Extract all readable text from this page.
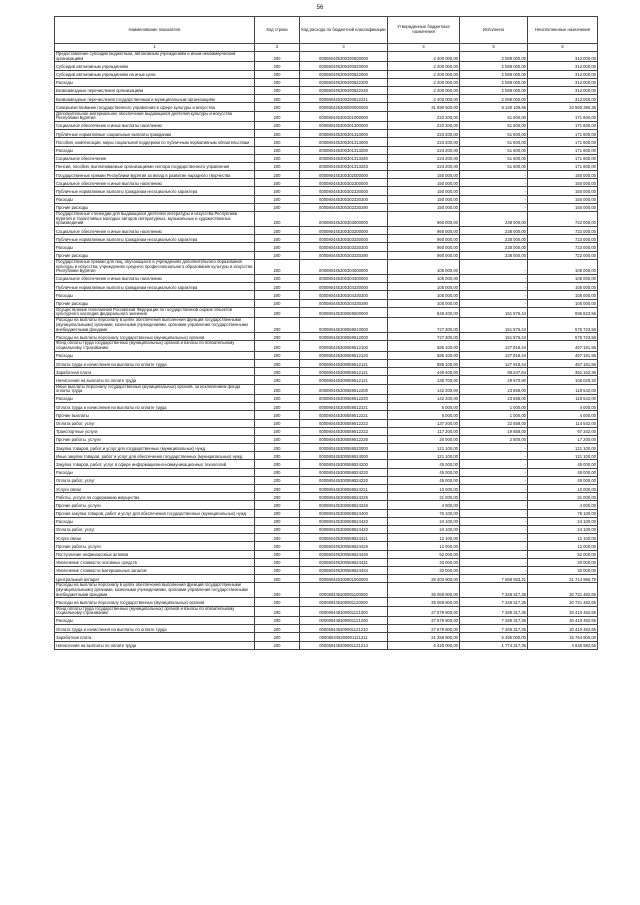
56
Наименование показателя	Код строки	Код расхода по бюджетной классификации	Утвержденные бюджетные назначения	Исполнено	Неисполненные назначения
1	2	3	4	5	6
Предоставление субсидий бюджетным, автономным учреждениям и иным некоммерческим организациям	200	000080445300200600000	2 400 000,00	2 088 000,00	312 000,00
Субсидии автономным учреждениям	200	000080445300200620000	2 400 000,00	2 088 000,00	312 000,00
Субсидии автономным учреждениям на иные цели	200	000080445300200622000	2 400 000,00	2 088 000,00	312 000,00
Расходы	200	000080445300200622200	2 400 000,00	2 088 000,00	312 000,00
Безвозмездные перечисления организациям	200	000080445300200622240	2 400 000,00	2 088 000,00	312 000,00
Безвозмездные перечисления государственным и муниципальным организациям	200	000080445300200622241	2 400 000,00	2 088 000,00	312 000,00
Совершенствование государственного управления в сфере культуры и искусства	200	000080445300000000000	31 690 500,00	8 130 109,65	23 560 390,35
Дополнительное материальное обеспечение выдающихся деятелей культуры и искусства Республики Бурятия	200	000080445300301000000	223 200,00	51 600,00	171 600,00
Социальное обеспечение и иные выплаты населению	200	000080445300301300000	223 200,00	51 600,00	171 600,00
Публичные нормативные социальные выплаты гражданам	200	000080445300301310000	223 200,00	51 600,00	171 600,00
Пособия, компенсации, меры социальной поддержки по публичным нормативным обязательствам	200	000080445300301313000	223 200,00	51 600,00	171 600,00
Расходы	200	000080445300301313200	223 200,00	51 600,00	171 600,00
Социальное обеспечение	200	000080445300301313260	223 200,00	51 600,00	171 600,00
Пенсии, пособия, выплачиваемые организациями сектора государственного управления	200	000080445300301313263	223 200,00	51 600,00	171 600,00
Государственные премии Республики Бурятия за вклад в развитие народного творчества	200	000080445300302000000	150 000,00	-	150 000,00
Социальное обеспечение и иные выплаты населению	200	000080445300302300000	150 000,00	-	150 000,00
Публичные нормативные выплаты гражданам несоциального характера	200	000080445300302330000	150 000,00	-	150 000,00
Расходы	200	000080445300302330200	150 000,00	-	150 000,00
Прочие расходы	200	000080445300302330290	150 000,00	-	150 000,00
Государственные стипендии для выдающихся деятелей литературы и искусства Республики Бурятия и талантливых молодых авторов литературных, музыкальных и художественных произведений	200	000080445300303000000	960 000,00	238 000,00	722 000,00
Социальное обеспечение и иные выплаты населению	200	000080445300303300000	960 000,00	238 000,00	722 000,00
Публичные нормативные выплаты гражданам несоциального характера	200	000080445300303330000	960 000,00	238 000,00	722 000,00
Расходы	200	000080445300303330200	960 000,00	238 000,00	722 000,00
Прочие расходы	200	000080445300303330290	960 000,00	238 000,00	722 000,00
Государственные премии для лиц, обучающихся в учреждениях дополнительного образования культуры и искусства, учреждениях среднего профессионального образования культуры и искусства Республики Бурятия	200	000080445300304000000	105 000,00	-	105 000,00
Социальное обеспечение и иные выплаты населению	200	000080445300304300000	105 000,00	-	105 000,00
Публичные нормативные выплаты гражданам несоциального характера	200	000080445300304330000	105 000,00	-	105 000,00
Расходы	200	000080445300304330200	105 000,00	-	105 000,00
Прочие расходы	200	000080445300304330290	105 000,00	-	105 000,00
Осуществление полномочий Российской Федерации по государственной охране объектов культурного наследия федерального значения	200	000080445300559500000	848 400,00	151 576,44	696 823,56
Расходы на выплаты персоналу в целях обеспечения выполнения функций государственными (муниципальными) органами, казенными учреждениями, органами управления государственными внебюджетными фондами	200	000080445300559510000	727 300,00	151 576,44	575 723,56
Расходы на выплаты персоналу государственных (муниципальных) органов	200	000080445300559512000	727 300,00	151 576,44	575 723,56
Фонд оплаты труда государственных (муниципальных) органов и взносы по обязательному социальному страхованию	200	000080445300559512100	585 100,00	127 918,44	457 181,56
Расходы	200	000080445300559512120	585 100,00	127 918,44	457 181,56
Оплата труда и начисления на выплаты по оплате труда	200	000080445300559512121	585 100,00	127 918,44	457 181,56
Заработная плата	200	000080445300559512121	449 400,00	98 247,64	351 152,36
Начисления на выплаты по оплате труда	200	000080445300559512121	135 700,00	29 670,80	106 029,20
Иные выплаты персоналу государственных (муниципальных) органов, за исключением фонда оплаты труда	200	000080445300559512200	142 200,00	23 658,00	118 542,00
Расходы	200	000080445300559512220	142 200,00	23 658,00	118 542,00
Оплата труда и начисления на выплаты по оплате труда	200	000080445300559512221	5 000,00	1 000,00	4 000,00
Прочие выплаты	200	000080445300559512221	5 000,00	1 000,00	4 000,00
Оплата работ, услуг	200	000080445300559512222	137 200,00	22 658,00	114 542,00
Транспортные услуги	200	000080445300559512222	117 200,00	19 858,00	97 342,00
Прочие работы, услуги	200	000080445300559512226	20 000,00	2 800,00	17 200,00
Закупка товаров, работ и услуг для государственных (муниципальных) нужд	200	000080445300559520000	121 100,00	-	121 100,00
Иные закупки товаров, работ и услуг для обеспечения государственных (муниципальных) нужд	200	000080445300559524000	121 100,00	-	121 100,00
Закупка товаров, работ, услуг в сфере информационно-коммуникационных технологий	200	000080445300559524200	45 000,00	-	45 000,00
Расходы	200	000080445300559524220	45 000,00	-	45 000,00
Оплата работ, услуг	200	000080445300559524220	45 000,00	-	45 000,00
Услуги связи	200	000080445300559524221	10 000,00	-	10 000,00
Работы, услуги по содержанию имущества	200	000080445300559524225	31 000,00	-	31 000,00
Прочие работы, услуги	200	000080445300559524226	4 000,00	-	4 000,00
Прочая закупка товаров, работ и услуг для обеспечения государственных (муниципальных) нужд	200	000080445300559524400	76 100,00	-	76 100,00
Расходы	200	000080445300559524420	24 100,00	-	24 100,00
Оплата работ, услуг	200	000080445300559524420	24 100,00	-	24 100,00
Услуги связи	200	000080445300559524421	12 100,00	-	12 100,00
Прочие работы, услуги	200	000080445300559524426	12 000,00	-	12 000,00
Поступление нефинансовых активов	200	000080445300559524430	52 000,00	-	52 000,00
Увеличение стоимости основных средств	200	000080445300559524431	20 000,00	-	20 000,00
Увеличение стоимости материальных запасов	200	000080445300559524434	32 000,00	-	32 000,00
Центральный аппарат	200	000080445300901000000	29 403 900,00	7 688 933,21	21 714 966,79
Расходы на выплаты персоналу в целях обеспечения выполнения функций государственными (муниципальными) органами, казенными учреждениями, органами управления государственными внебюджетными фондами	200	000080445300901100000	28 069 800,00	7 348 317,35	20 721 482,65
Расходы на выплаты персоналу государственных (муниципальных) органов	200	000080445300901120000	28 069 800,00	7 348 317,35	20 721 482,65
Фонд оплаты труда государственных (муниципальных) органов и взносы по обязательному социальному страхованию	200	000080445300901121000	27 679 800,00	7 269 317,35	20 410 482,65
Расходы	200	000080445300901121200	27 679 800,00	7 269 317,35	20 410 482,65
Оплата труда и начисления на выплаты по оплате труда	200	000080445300901121210	27 679 800,00	7 269 317,35	20 410 482,65
Заработная плата	200	000080445300901121211	21 259 800,00	5 495 000,00	15 764 800,00
Начисления на выплаты по оплате труда	200	000080445300901121213	6 420 000,00	1 774 317,35	4 645 682,65
